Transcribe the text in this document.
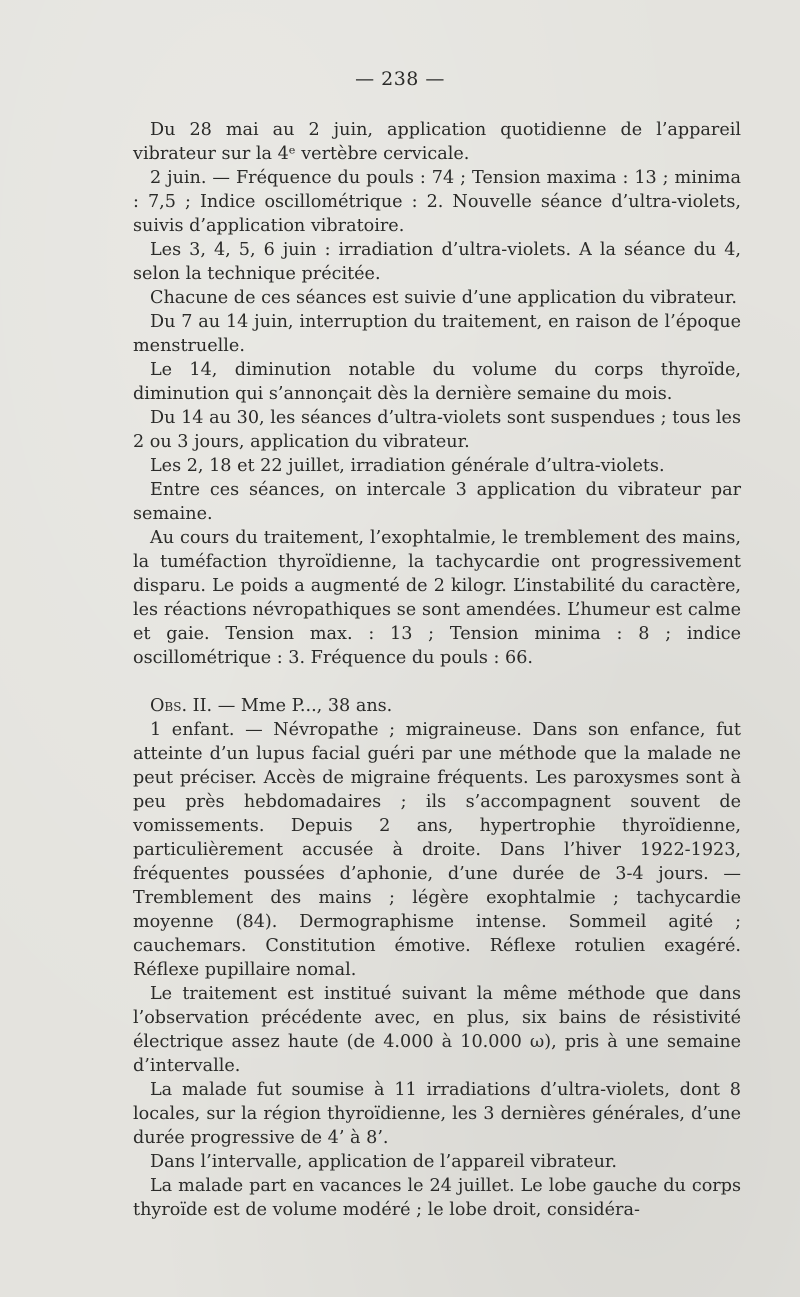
— 238 —

Du 28 mai au 2 juin, application quotidienne de l’appareil vibrateur sur la 4ᵉ vertèbre cervicale.

2 juin. — Fréquence du pouls : 74 ; Tension maxima : 13 ; minima : 7,5 ; Indice oscillométrique : 2. Nouvelle séance d’ultra-violets, suivis d’application vibratoire.

Les 3, 4, 5, 6 juin : irradiation d’ultra-violets. A la séance du 4, selon la technique précitée.

Chacune de ces séances est suivie d’une application du vibrateur.

Du 7 au 14 juin, interruption du traitement, en raison de l’époque menstruelle.

Le 14, diminution notable du volume du corps thyroïde, diminution qui s’annonçait dès la dernière semaine du mois.

Du 14 au 30, les séances d’ultra-violets sont suspendues ; tous les 2 ou 3 jours, application du vibrateur.

Les 2, 18 et 22 juillet, irradiation générale d’ultra-violets.

Entre ces séances, on intercale 3 application du vibrateur par semaine.

Au cours du traitement, l’exophtalmie, le tremblement des mains, la tuméfaction thyroïdienne, la tachycardie ont progressivement disparu. Le poids a augmenté de 2 kilogr. L’instabilité du caractère, les réactions névropathiques se sont amendées. L’humeur est calme et gaie. Tension max. : 13 ; Tension minima : 8 ; indice oscillométrique : 3. Fréquence du pouls : 66.

Obs. II. — Mme P..., 38 ans.

1 enfant. — Névropathe ; migraineuse. Dans son enfance, fut atteinte d’un lupus facial guéri par une méthode que la malade ne peut préciser. Accès de migraine fréquents. Les paroxysmes sont à peu près hebdomadaires ; ils s’accompagnent souvent de vomissements. Depuis 2 ans, hypertrophie thyroïdienne, particulièrement accusée à droite. Dans l’hiver 1922-1923, fréquentes poussées d’aphonie, d’une durée de 3-4 jours. — Tremblement des mains ; légère exophtalmie ; tachycardie moyenne (84). Dermographisme intense. Sommeil agité ; cauchemars. Constitution émotive. Réflexe rotulien exagéré. Réflexe pupillaire nomal.

Le traitement est institué suivant la même méthode que dans l’observation précédente avec, en plus, six bains de résistivité électrique assez haute (de 4.000 à 10.000 ω), pris à une semaine d’intervalle.

La malade fut soumise à 11 irradiations d’ultra-violets, dont 8 locales, sur la région thyroïdienne, les 3 dernières générales, d’une durée progressive de 4’ à 8’.

Dans l’intervalle, application de l’appareil vibrateur.

La malade part en vacances le 24 juillet. Le lobe gauche du corps thyroïde est de volume modéré ; le lobe droit, considéra-
